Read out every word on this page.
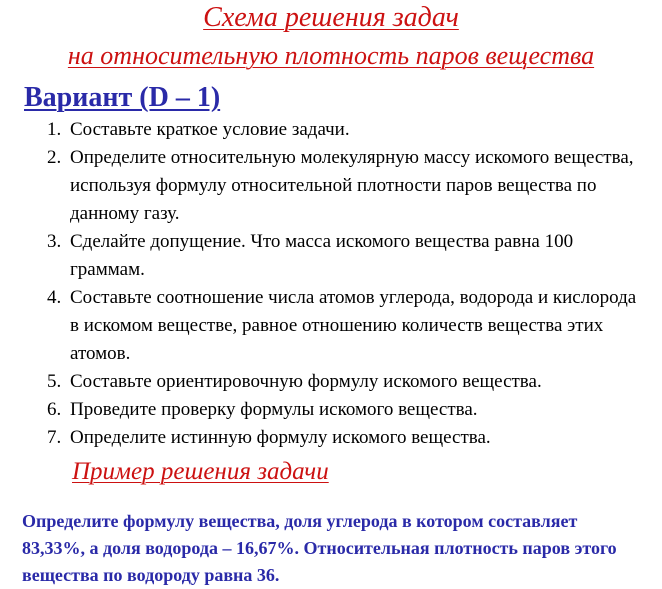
Схема решения задач
на относительную плотность паров вещества
Вариант (D – 1)
1. Составьте краткое условие задачи.
2. Определите относительную молекулярную массу искомого вещества, используя формулу относительной плотности паров вещества по данному газу.
3. Сделайте допущение. Что масса искомого вещества равна 100 граммам.
4. Составьте соотношение числа атомов углерода, водорода и кислорода в искомом веществе, равное отношению количеств вещества этих атомов.
5. Составьте ориентировочную формулу искомого вещества.
6. Проведите проверку формулы искомого вещества.
7. Определите истинную формулу искомого вещества.
Пример решения задачи

Определите формулу вещества, доля углерода в котором составляет 83,33%, а доля водорода – 16,67%. Относительная плотность паров этого вещества по водороду равна 36.
